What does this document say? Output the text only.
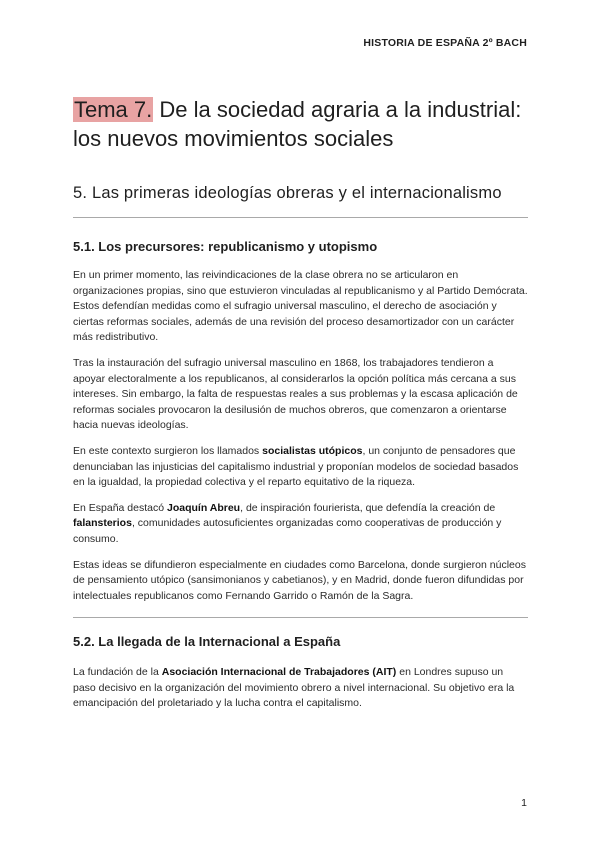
HISTORIA DE ESPAÑA 2º BACH
Tema 7. De la sociedad agraria a la industrial: los nuevos movimientos sociales
5. Las primeras ideologías obreras y el internacionalismo
5.1. Los precursores: republicanismo y utopismo

En un primer momento, las reivindicaciones de la clase obrera no se articularon en organizaciones propias, sino que estuvieron vinculadas al republicanismo y al Partido Demócrata. Estos defendían medidas como el sufragio universal masculino, el derecho de asociación y ciertas reformas sociales, además de una revisión del proceso desamortizador con un carácter más redistributivo.

Tras la instauración del sufragio universal masculino en 1868, los trabajadores tendieron a apoyar electoralmente a los republicanos, al considerarlos la opción política más cercana a sus intereses. Sin embargo, la falta de respuestas reales a sus problemas y la escasa aplicación de reformas sociales provocaron la desilusión de muchos obreros, que comenzaron a orientarse hacia nuevas ideologías.

En este contexto surgieron los llamados socialistas utópicos, un conjunto de pensadores que denunciaban las injusticias del capitalismo industrial y proponían modelos de sociedad basados en la igualdad, la propiedad colectiva y el reparto equitativo de la riqueza.

En España destacó Joaquín Abreu, de inspiración fourierista, que defendía la creación de falansterios, comunidades autosuficientes organizadas como cooperativas de producción y consumo.

Estas ideas se difundieron especialmente en ciudades como Barcelona, donde surgieron núcleos de pensamiento utópico (sansimonianos y cabetianos), y en Madrid, donde fueron difundidas por intelectuales republicanos como Fernando Garrido o Ramón de la Sagra.

5.2. La llegada de la Internacional a España

La fundación de la Asociación Internacional de Trabajadores (AIT) en Londres supuso un paso decisivo en la organización del movimiento obrero a nivel internacional. Su objetivo era la emancipación del proletariado y la lucha contra el capitalismo.

1
